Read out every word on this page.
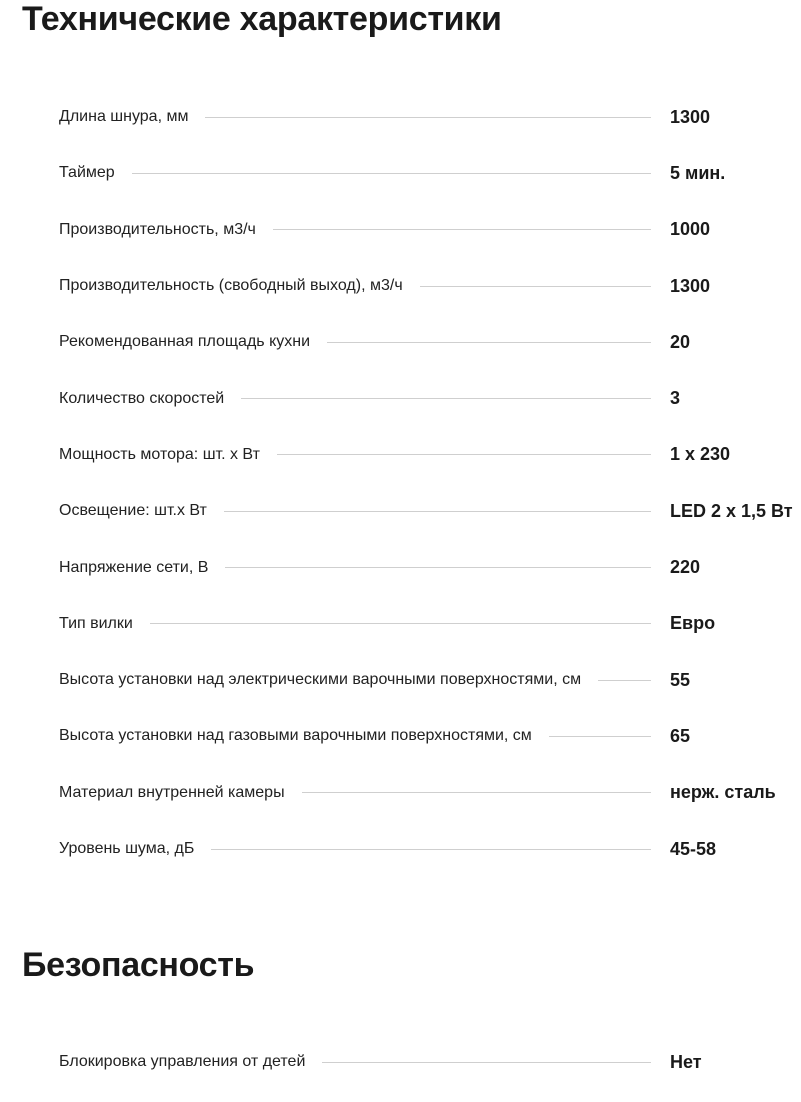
Технические характеристики
Длина шнура, мм	1300
Таймер	5 мин.
Производительность, м3/ч	1000
Производительность (свободный выход), м3/ч	1300
Рекомендованная площадь кухни	20
Количество скоростей	3
Мощность мотора: шт. х Вт	1 х 230
Освещение: шт.х Вт	LED 2 х 1,5 Вт
Напряжение сети, В	220
Тип вилки	Евро
Высота установки над электрическими варочными поверхностями, см	55
Высота установки над газовыми варочными поверхностями, см	65
Материал внутренней камеры	нерж. сталь
Уровень шума, дБ	45-58
Безопасность
Блокировка управления от детей	Нет
